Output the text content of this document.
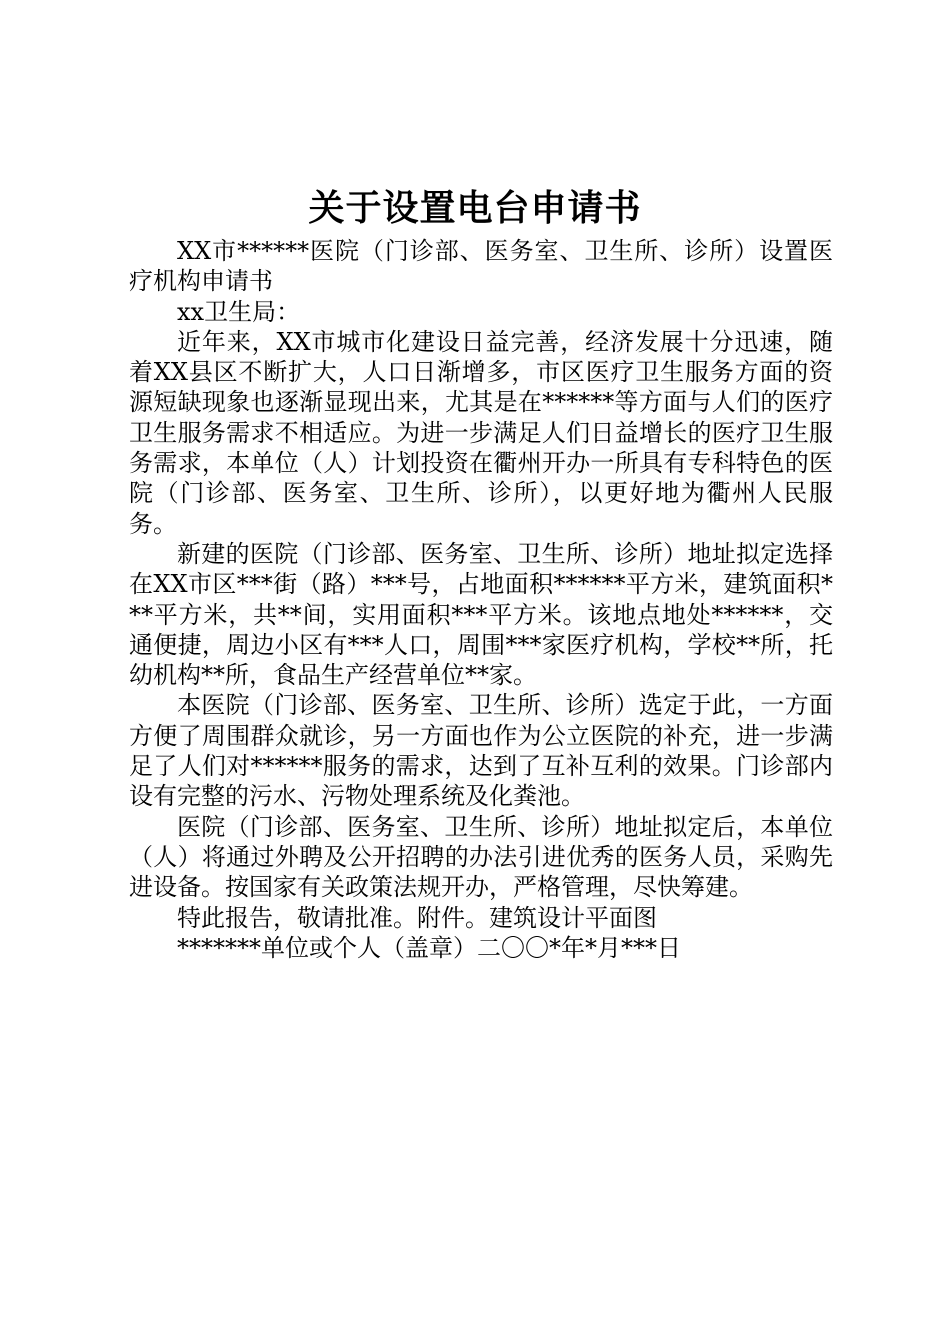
关于设置电台申请书

XX市******医院（门诊部、医务室、卫生所、诊所）设置医疗机构申请书

xx卫生局：

近年来，XX市城市化建设日益完善，经济发展十分迅速，随着XX县区不断扩大，人口日渐增多，市区医疗卫生服务方面的资源短缺现象也逐渐显现出来，尤其是在******等方面与人们的医疗卫生服务需求不相适应。为进一步满足人们日益增长的医疗卫生服务需求，本单位（人）计划投资在衢州开办一所具有专科特色的医院（门诊部、医务室、卫生所、诊所），以更好地为衢州人民服务。

新建的医院（门诊部、医务室、卫生所、诊所）地址拟定选择在XX市区***街（路）***号，占地面积******平方米，建筑面积***平方米，共**间，实用面积***平方米。该地点地处******，交通便捷，周边小区有***人口，周围***家医疗机构，学校**所，托幼机构**所，食品生产经营单位**家。

本医院（门诊部、医务室、卫生所、诊所）选定于此，一方面方便了周围群众就诊，另一方面也作为公立医院的补充，进一步满足了人们对******服务的需求，达到了互补互利的效果。门诊部内设有完整的污水、污物处理系统及化粪池。

医院（门诊部、医务室、卫生所、诊所）地址拟定后，本单位（人）将通过外聘及公开招聘的办法引进优秀的医务人员，采购先进设备。按国家有关政策法规开办，严格管理，尽快筹建。

特此报告，敬请批准。附件。建筑设计平面图

*******单位或个人（盖章）二〇〇*年*月***日
